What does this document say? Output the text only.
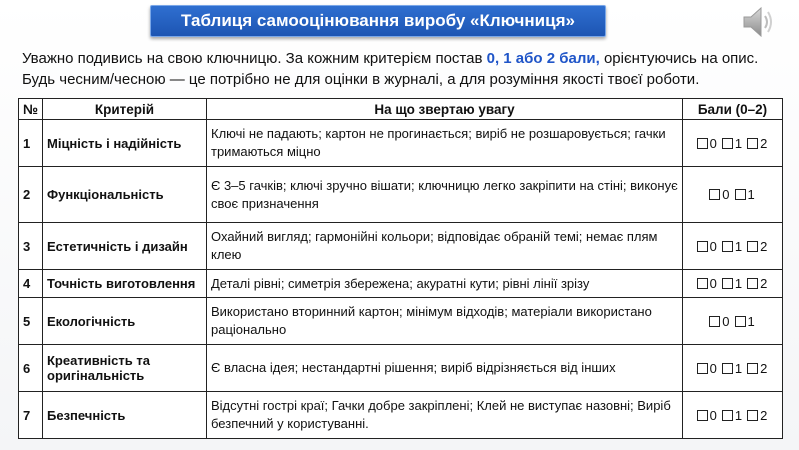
Таблиця самооцінювання виробу «Ключниця»
Уважно подивись на свою ключницю. За кожним критерієм постав 0, 1 або 2 бали, орієнтуючись на опис. Будь чесним/чесною — це потрібно не для оцінки в журналі, а для розуміння якості твоєї роботи.
№	Критерій	На що звертаю увагу	Бали (0–2)
1	Міцність і надійність	Ключі не падають; картон не прогинається; виріб не розшаровується; гачки тримаються міцно	0 1 2
2	Функціональність	Є 3–5 гачків; ключі зручно вішати; ключницю легко закріпити на стіні; виконує своє призначення	0 1
3	Естетичність і дизайн	Охайний вигляд; гармонійні кольори; відповідає обраній темі; немає плям клею	0 1 2
4	Точність виготовлення	Деталі рівні; симетрія збережена; акуратні кути; рівні лінії зрізу	0 1 2
5	Екологічність	Використано вторинний картон; мінімум відходів; матеріали використано раціонально	0 1
6	Креативність та оригінальність	Є власна ідея; нестандартні рішення; виріб відрізняється від інших	0 1 2
7	Безпечність	Відсутні гострі краї; Гачки добре закріплені; Клей не виступає назовні; Виріб безпечний у користуванні.	0 1 2
